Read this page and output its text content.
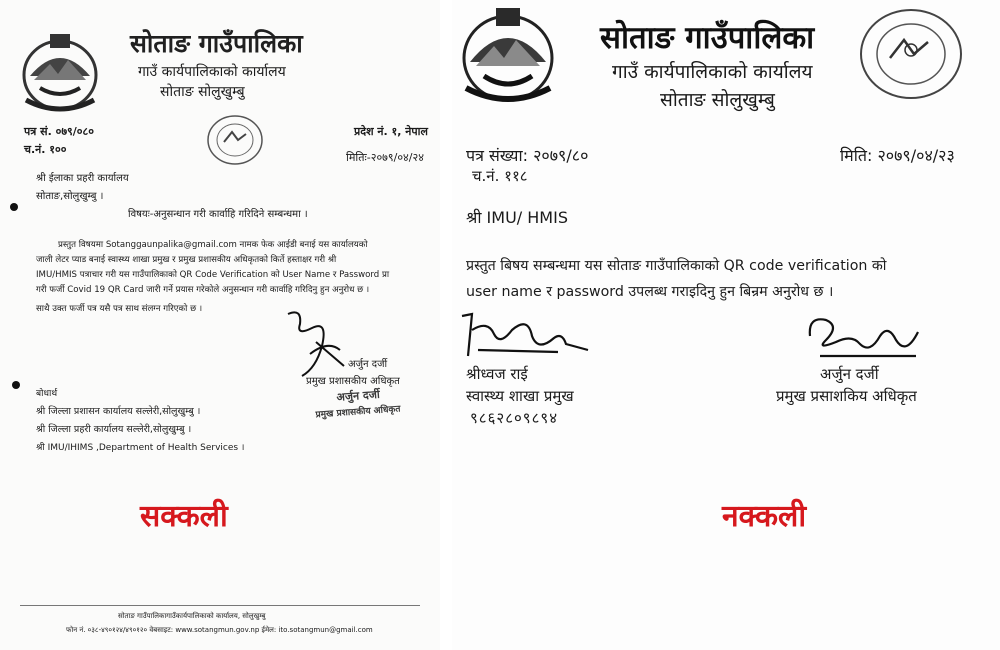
सोताङ गाउँपालिका
गाउँ कार्यपालिकाको कार्यालय
सोताङ सोलुखुम्बु
पत्र सं. ०७९/०८०
च.नं. १००
प्रदेश नं. १, नेपाल
मितिः-२०७९/०४/२४
श्री ईलाका प्रहरी कार्यालय
सोताङ,सोलुखुम्बु ।
विषयः-अनुसन्धान गरी कार्वाहि गरिदिने सम्बन्धमा ।
प्रस्तुत विषयमा Sotanggaunpalika@gmail.com नामक फेक आईडी बनाई यस कार्यालयको
जाली लेटर प्याड बनाई स्वास्थ्य शाखा प्रमुख र प्रमुख प्रशासकीय अधिकृतको किर्ते हस्ताक्षर गरी श्री
IMU/HMIS पत्राचार गरी यस गाउँपालिकाको QR Code Verification को User Name र Password प्रा
गरी फर्जी Covid 19 QR Card जारी गर्ने प्रयास गरेकोले अनुसन्धान गरी कार्वाहि गरिदिनु हुन अनुरोध छ ।
साथै उक्त फर्जी पत्र यसै पत्र साथ संलग्न गरिएको छ ।
अर्जुन दर्जी
प्रमुख प्रशासकीय अधिकृत
अर्जुन दर्जी
प्रमुख प्रशासकीय अधिकृत
बोधार्थ
श्री जिल्ला प्रशासन कार्यालय सल्लेरी,सोलुखुम्बु ।
श्री जिल्ला प्रहरी कार्यालय सल्लेरी,सोलुखुम्बु ।
श्री IMU/IHIMS ,Department of Health Services ।
सक्कली
सोताङ गाउँपालिकागाउँकार्यपालिकाको कार्यालय, सोलुखुम्बु
फोन नं. ०३८-४९०१२४/४९०१२० वेबसाइट: www.sotangmun.gov.np ईमेल: ito.sotangmun@gmail.com
सोताङ गाउँपालिका
गाउँ कार्यपालिकाको कार्यालय
सोताङ सोलुखुम्बु
पत्र संख्या: २०७९/८०
च.नं. ११८
मिति: २०७९/०४/२३
श्री IMU/ HMIS
प्रस्तुत बिषय सम्बन्धमा यस सोताङ गाउँपालिकाको QR code verification को
user name र password उपलब्ध गराइदिनु हुन बिन्रम अनुरोध छ ।
श्रीध्वज राई
स्वास्थ्य शाखा प्रमुख
९८६२८०९८९४
अर्जुन दर्जी
प्रमुख प्रसाशकिय अधिकृत
नक्कली
